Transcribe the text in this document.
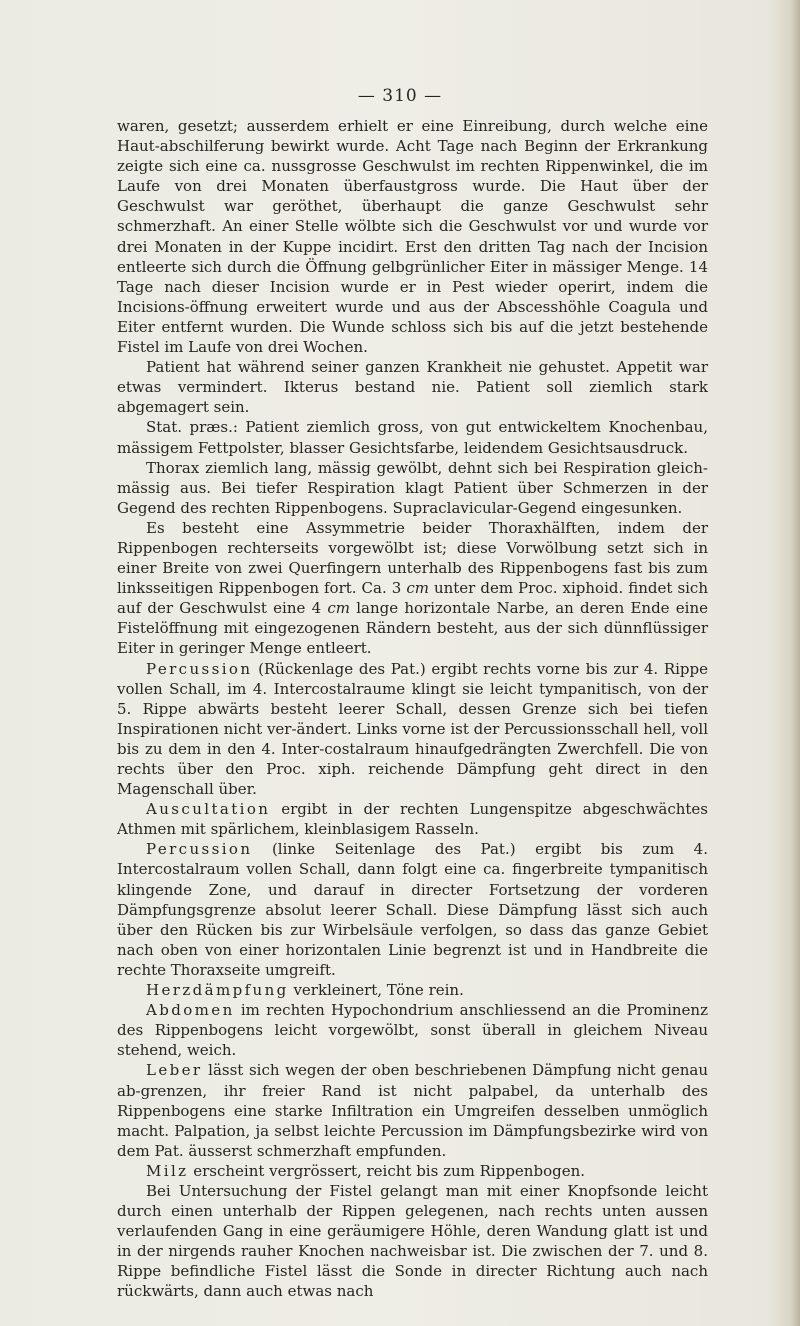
— 310 —

waren, gesetzt; ausserdem erhielt er eine Einreibung, durch welche eine Haut-abschilferung bewirkt wurde. Acht Tage nach Beginn der Erkrankung zeigte sich eine ca. nussgrosse Geschwulst im rechten Rippenwinkel, die im Laufe von drei Monaten überfaustgross wurde. Die Haut über der Geschwulst war geröthet, überhaupt die ganze Geschwulst sehr schmerzhaft. An einer Stelle wölbte sich die Geschwulst vor und wurde vor drei Monaten in der Kuppe incidirt. Erst den dritten Tag nach der Incision entleerte sich durch die Öffnung gelbgrünlicher Eiter in mässiger Menge. 14 Tage nach dieser Incision wurde er in Pest wieder operirt, indem die Incisions-öffnung erweitert wurde und aus der Abscesshöhle Coagula und Eiter entfernt wurden. Die Wunde schloss sich bis auf die jetzt bestehende Fistel im Laufe von drei Wochen.

Patient hat während seiner ganzen Krankheit nie gehustet. Appetit war etwas vermindert. Ikterus bestand nie. Patient soll ziemlich stark abgemagert sein.

Stat. præs.: Patient ziemlich gross, von gut entwickeltem Knochenbau, mässigem Fettpolster, blasser Gesichtsfarbe, leidendem Gesichtsausdruck.

Thorax ziemlich lang, mässig gewölbt, dehnt sich bei Respiration gleich-mässig aus. Bei tiefer Respiration klagt Patient über Schmerzen in der Gegend des rechten Rippenbogens. Supraclavicular-Gegend eingesunken.

Es besteht eine Assymmetrie beider Thoraxhälften, indem der Rippenbogen rechterseits vorgewölbt ist; diese Vorwölbung setzt sich in einer Breite von zwei Querfingern unterhalb des Rippenbogens fast bis zum linksseitigen Rippenbogen fort. Ca. 3 cm unter dem Proc. xiphoid. findet sich auf der Geschwulst eine 4 cm lange horizontale Narbe, an deren Ende eine Fistelöffnung mit eingezogenen Rändern besteht, aus der sich dünnflüssiger Eiter in geringer Menge entleert.

Percussion (Rückenlage des Pat.) ergibt rechts vorne bis zur 4. Rippe vollen Schall, im 4. Intercostalraume klingt sie leicht tympanitisch, von der 5. Rippe abwärts besteht leerer Schall, dessen Grenze sich bei tiefen Inspirationen nicht ver-ändert. Links vorne ist der Percussionsschall hell, voll bis zu dem in den 4. Inter-costalraum hinaufgedrängten Zwerchfell. Die von rechts über den Proc. xiph. reichende Dämpfung geht direct in den Magenschall über.

Auscultation ergibt in der rechten Lungenspitze abgeschwächtes Athmen mit spärlichem, kleinblasigem Rasseln.

Percussion (linke Seitenlage des Pat.) ergibt bis zum 4. Intercostalraum vollen Schall, dann folgt eine ca. fingerbreite tympanitisch klingende Zone, und darauf in directer Fortsetzung der vorderen Dämpfungsgrenze absolut leerer Schall. Diese Dämpfung lässt sich auch über den Rücken bis zur Wirbelsäule verfolgen, so dass das ganze Gebiet nach oben von einer horizontalen Linie begrenzt ist und in Handbreite die rechte Thoraxseite umgreift.

Herzdämpfung verkleinert, Töne rein.

Abdomen im rechten Hypochondrium anschliessend an die Prominenz des Rippenbogens leicht vorgewölbt, sonst überall in gleichem Niveau stehend, weich.

Leber lässt sich wegen der oben beschriebenen Dämpfung nicht genau ab-grenzen, ihr freier Rand ist nicht palpabel, da unterhalb des Rippenbogens eine starke Infiltration ein Umgreifen desselben unmöglich macht. Palpation, ja selbst leichte Percussion im Dämpfungsbezirke wird von dem Pat. äusserst schmerzhaft empfunden.

Milz erscheint vergrössert, reicht bis zum Rippenbogen.

Bei Untersuchung der Fistel gelangt man mit einer Knopfsonde leicht durch einen unterhalb der Rippen gelegenen, nach rechts unten aussen verlaufenden Gang in eine geräumigere Höhle, deren Wandung glatt ist und in der nirgends rauher Knochen nachweisbar ist. Die zwischen der 7. und 8. Rippe befindliche Fistel lässt die Sonde in directer Richtung auch nach rückwärts, dann auch etwas nach
